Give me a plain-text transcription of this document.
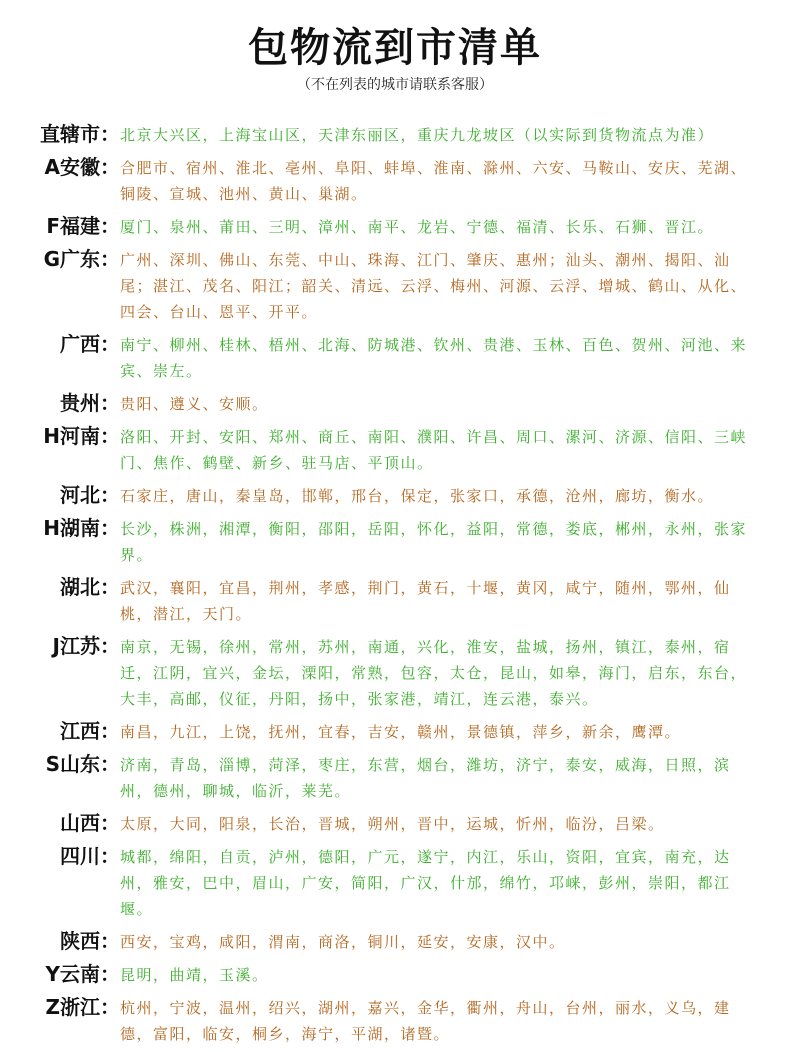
包物流到市清单
（不在列表的城市请联系客服）
直辖市： 北京大兴区，上海宝山区，天津东丽区，重庆九龙坡区（以实际到货物流点为准）
A安徽： 合肥市、宿州、淮北、亳州、阜阳、蚌埠、淮南、滁州、六安、马鞍山、安庆、芜湖、铜陵、宣城、池州、黄山、巢湖。
F福建： 厦门、泉州、莆田、三明、漳州、南平、龙岩、宁德、福清、长乐、石狮、晋江。
G广东： 广州、深圳、佛山、东莞、中山、珠海、江门、肇庆、惠州；汕头、潮州、揭阳、汕尾；湛江、茂名、阳江；韶关、清远、云浮、梅州、河源、云浮、增城、鹤山、从化、四会、台山、恩平、开平。
广西： 南宁、柳州、桂林、梧州、北海、防城港、钦州、贵港、玉林、百色、贺州、河池、来宾、崇左。
贵州： 贵阳、遵义、安顺。
H河南： 洛阳、开封、安阳、郑州、商丘、南阳、濮阳、许昌、周口、漯河、济源、信阳、三峡门、焦作、鹤壁、新乡、驻马店、平顶山。
河北： 石家庄，唐山，秦皇岛，邯郸，邢台，保定，张家口，承德，沧州，廊坊，衡水。
H湖南： 长沙，株洲，湘潭，衡阳，邵阳，岳阳，怀化，益阳，常德，娄底，郴州，永州，张家界。
湖北： 武汉，襄阳，宜昌，荆州，孝感，荆门，黄石，十堰，黄冈，咸宁，随州，鄂州，仙桃，潜江，天门。
J江苏： 南京，无锡，徐州，常州，苏州，南通，兴化，淮安，盐城，扬州，镇江，泰州，宿迁，江阴，宜兴，金坛，溧阳，常熟，包容，太仓，昆山，如皋，海门，启东，东台，大丰，高邮，仪征，丹阳，扬中，张家港，靖江，连云港，泰兴。
江西： 南昌，九江，上饶，抚州，宜春，吉安，赣州，景德镇，萍乡，新余，鹰潭。
S山东： 济南，青岛，淄博，菏泽，枣庄，东营，烟台，潍坊，济宁，泰安，威海，日照，滨州，德州，聊城，临沂，莱芜。
山西： 太原，大同，阳泉，长治，晋城，朔州，晋中，运城，忻州，临汾，吕梁。
四川： 城都，绵阳，自贡，泸州，德阳，广元，遂宁，内江，乐山，资阳，宜宾，南充，达州，雅安，巴中，眉山，广安，简阳，广汉，什邡，绵竹，邛崃，彭州，崇阳，都江堰。
陕西： 西安，宝鸡，咸阳，渭南，商洛，铜川，延安，安康，汉中。
Y云南： 昆明，曲靖，玉溪。
Z浙江： 杭州，宁波，温州，绍兴，湖州，嘉兴，金华，衢州，舟山，台州，丽水，义乌，建德，富阳，临安，桐乡，海宁，平湖，诸暨。
